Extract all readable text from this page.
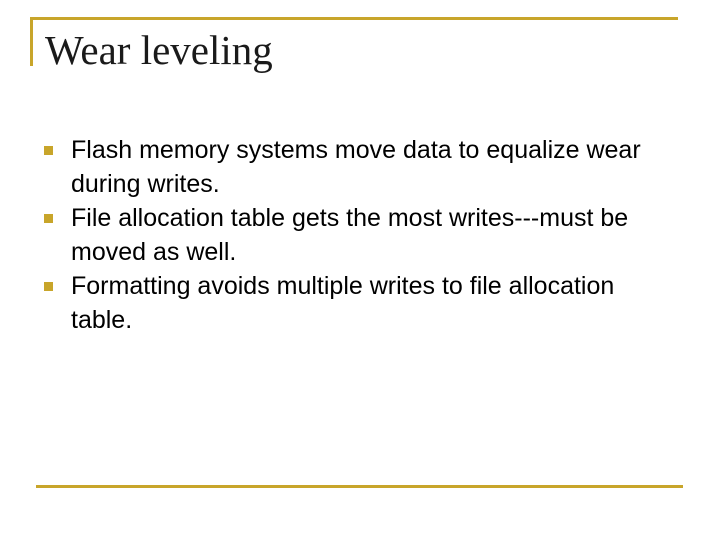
Wear leveling
Flash memory systems move data to equalize wear during writes.
File allocation table gets the most writes---must be moved as well.
Formatting avoids multiple writes to file allocation table.
